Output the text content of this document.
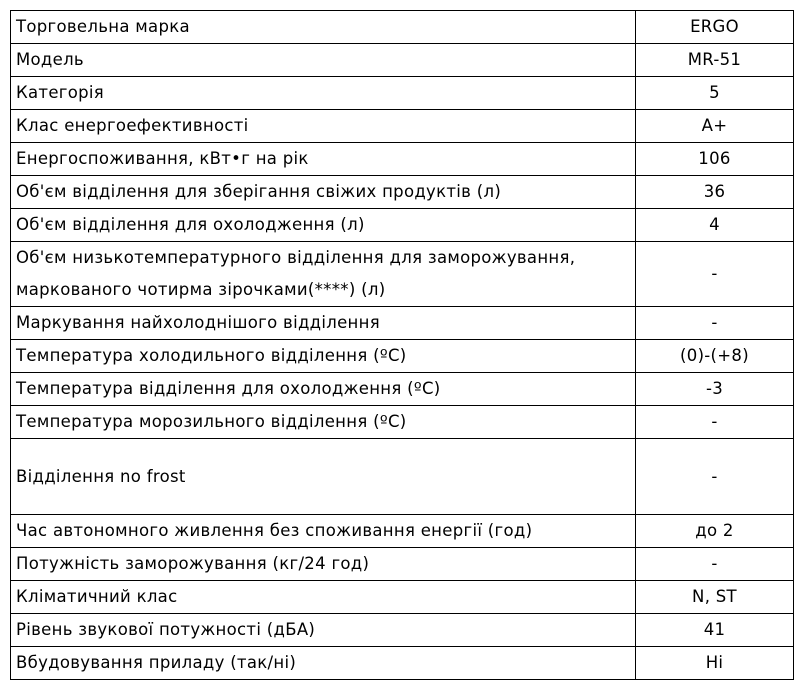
Торговельна марка	ERGO
Модель	MR-51
Категорія	5
Клас енергоефективності	A+
Енергоспоживання, кВт•г на рік	106
Об'єм відділення для зберігання свіжих продуктів (л)	36
Об'єм відділення для охолодження (л)	4
Об'єм низькотемпературного відділення для заморожування, маркованого чотирма зірочками(****) (л)	-
Маркування найхолоднішого відділення	-
Температура холодильного відділення (ºC)	(0)-(+8)
Температура відділення для охолодження (ºC)	-3
Температура морозильного відділення (ºC)	-
Відділення no frost	-
Час автономного живлення без споживання енергії (год)	до 2
Потужність заморожування (кг/24 год)	-
Кліматичний клас	N, ST
Рівень звукової потужності (дБА)	41
Вбудовування приладу (так/ні)	Ні
